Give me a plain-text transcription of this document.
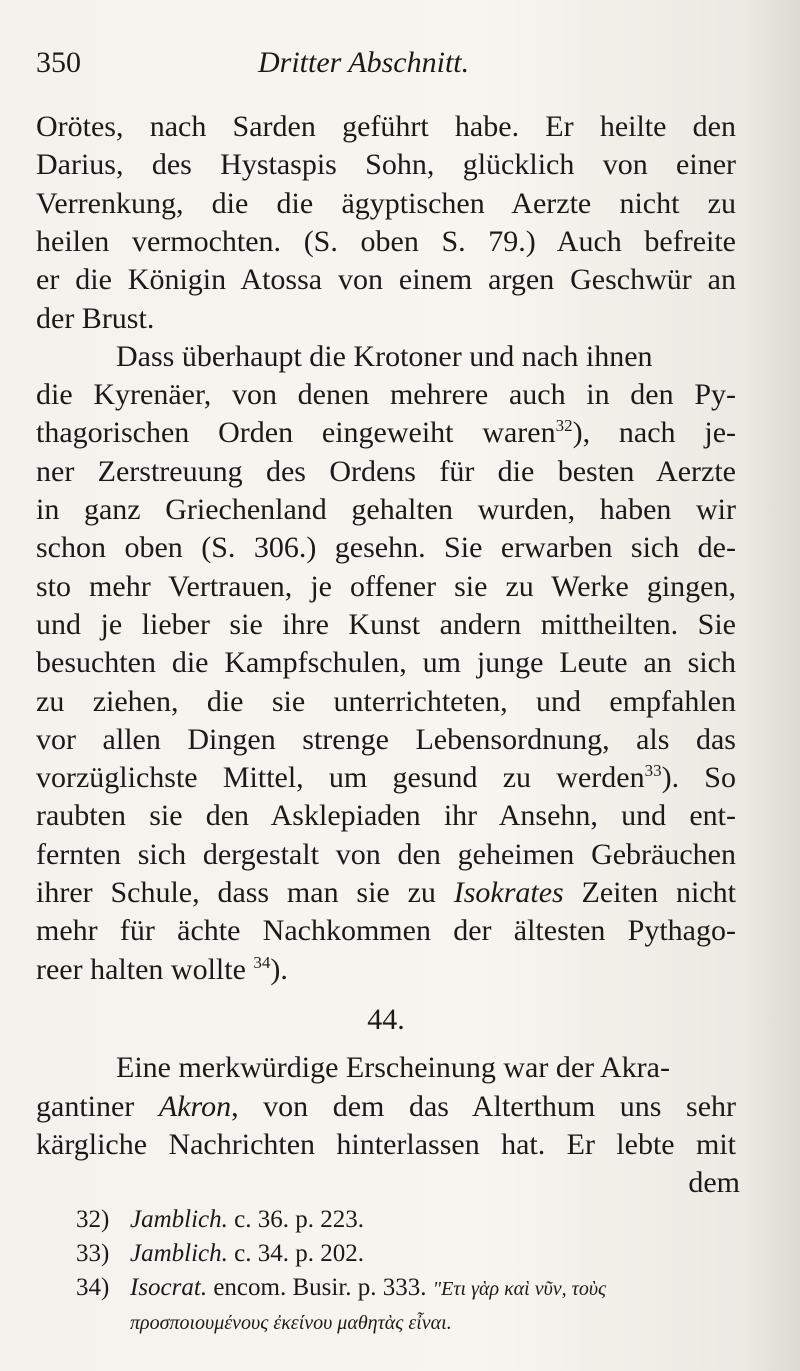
350	Dritter Abschnitt.
Orötes, nach Sarden geführt habe. Er heilte den
Darius, des Hystaspis Sohn, glücklich von einer
Verrenkung, die die ägyptischen Aerzte nicht zu
heilen vermochten. (S. oben S. 79.) Auch befreite
er die Königin Atossa von einem argen Geschwür an
der Brust.
Dass überhaupt die Krotoner und nach ihnen
die Kyrenäer, von denen mehrere auch in den Py-
thagorischen Orden eingeweiht waren$^{32}$), nach je-
ner Zerstreuung des Ordens für die besten Aerzte
in ganz Griechenland gehalten wurden, haben wir
schon oben (S. 306.) gesehn. Sie erwarben sich de-
sto mehr Vertrauen, je offener sie zu Werke gingen,
und je lieber sie ihre Kunst andern mittheilten. Sie
besuchten die Kampfschulen, um junge Leute an sich
zu ziehen, die sie unterrichteten, und empfahlen
vor allen Dingen strenge Lebensordnung, als das
vorzüglichste Mittel, um gesund zu werden$^{33}$). So
raubten sie den Asklepiaden ihr Ansehn, und ent-
fernten sich dergestalt von den geheimen Gebräuchen
ihrer Schule, dass man sie zu Isokrates Zeiten nicht
mehr für ächte Nachkommen der ältesten Pythago-
reer halten wollte $^{34}$).
44.
Eine merkwürdige Erscheinung war der Akra-
gantiner Akron, von dem das Alterthum uns sehr
kärgliche Nachrichten hinterlassen hat. Er lebte mit
dem
32) Jamblich. c. 36. p. 223.
33) Jamblich. c. 34. p. 202.
34) Isocrat. encom. Busir. p. 333. "Ετι γὰρ καὶ νῦν, τοὺς
προσποιουμένους ἐκείνου μαθητὰς εἶναι.
